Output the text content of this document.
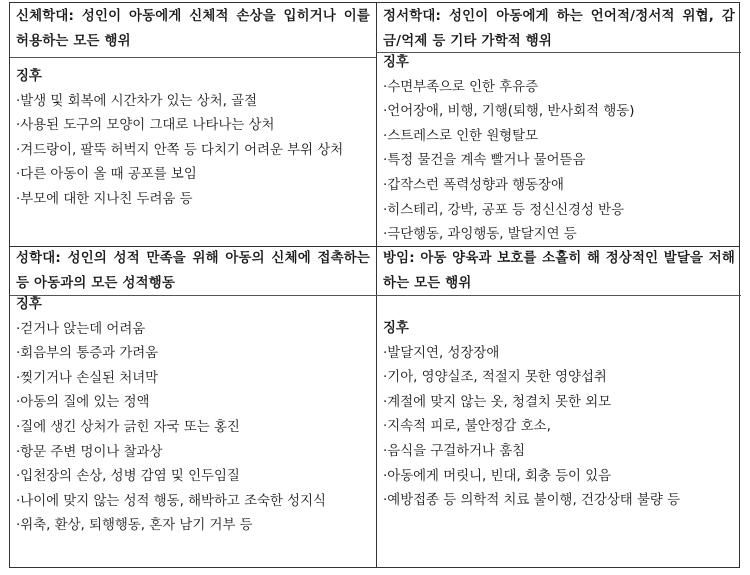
신체학대: 성인이 아동에게 신체적 손상을 입히거나 이를 허용하는 모든 행위
징후
·발생 및 회복에 시간차가 있는 상처, 골절
·사용된 도구의 모양이 그대로 나타나는 상처
·겨드랑이, 팔뚝 허벅지 안쪽 등 다치기 어려운 부위 상처
·다른 아동이 올 때 공포를 보임
·부모에 대한 지나친 두려움 등
정서학대: 성인이 아동에게 하는 언어적/정서적 위협, 감금/억제 등 기타 가학적 행위
징후
·수면부족으로 인한 후유증
·언어장애, 비행, 기행(퇴행, 반사회적 행동)
·스트레스로 인한 원형탈모
·특정 물건을 계속 빨거나 물어뜯음
·갑작스런 폭력성향과 행동장애
·히스테리, 강박, 공포 등 정신신경성 반응
·극단행동, 과잉행동, 발달지연 등
성학대: 성인의 성적 만족을 위해 아동의 신체에 접촉하는 등 아동과의 모든 성적행동
징후
·걷거나 앉는데 어려움
·회음부의 통증과 가려움
·찢기거나 손실된 처녀막
·아동의 질에 있는 정액
·질에 생긴 상처가 긁힌 자국 또는 홍진
·항문 주변 멍이나 찰과상
·입천장의 손상, 성병 감염 및 인두임질
·나이에 맞지 않는 성적 행동, 해박하고 조숙한 성지식
·위축, 환상, 퇴행행동, 혼자 남기 거부 등
방임: 아동 양육과 보호를 소홀히 해 정상적인 발달을 저해하는 모든 행위
징후
·발달지연, 성장장애
·기아, 영양실조, 적절지 못한 영양섭취
·계절에 맞지 않는 옷, 청결치 못한 외모
·지속적 피로, 불안정감 호소,
·음식을 구걸하거나 훔침
·아동에게 머릿니, 빈대, 회충 등이 있음
·예방접종 등 의학적 치료 불이행, 건강상태 불량 등
